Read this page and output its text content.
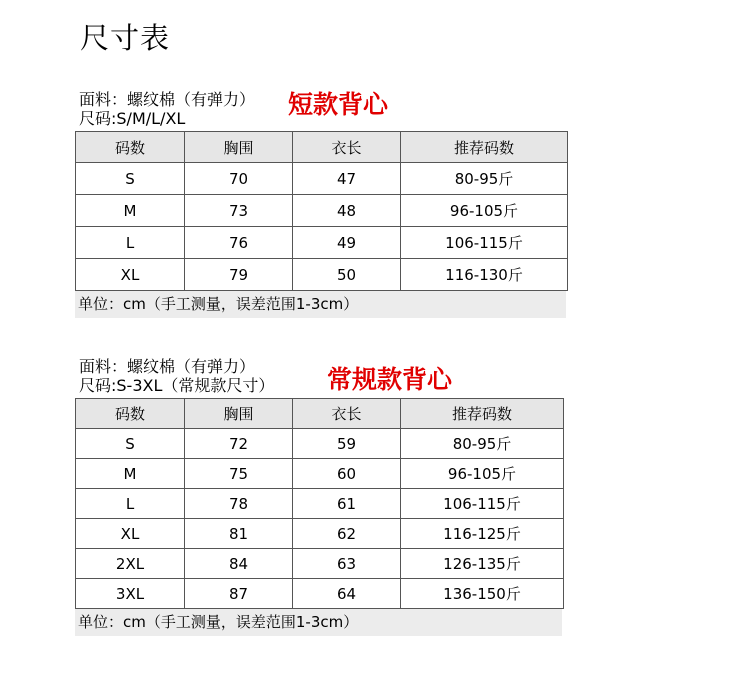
尺寸表
面料：螺纹棉（有弹力）
尺码:S/M/L/XL	短款背心
码数	胸围	衣长	推荐码数
S	70	47	80-95斤
M	73	48	96-105斤
L	76	49	106-115斤
XL	79	50	116-130斤
单位：cm（手工测量，误差范围1-3cm）
面料：螺纹棉（有弹力）
尺码:S-3XL（常规款尺寸）	常规款背心
码数	胸围	衣长	推荐码数
S	72	59	80-95斤
M	75	60	96-105斤
L	78	61	106-115斤
XL	81	62	116-125斤
2XL	84	63	126-135斤
3XL	87	64	136-150斤
单位：cm（手工测量，误差范围1-3cm）
